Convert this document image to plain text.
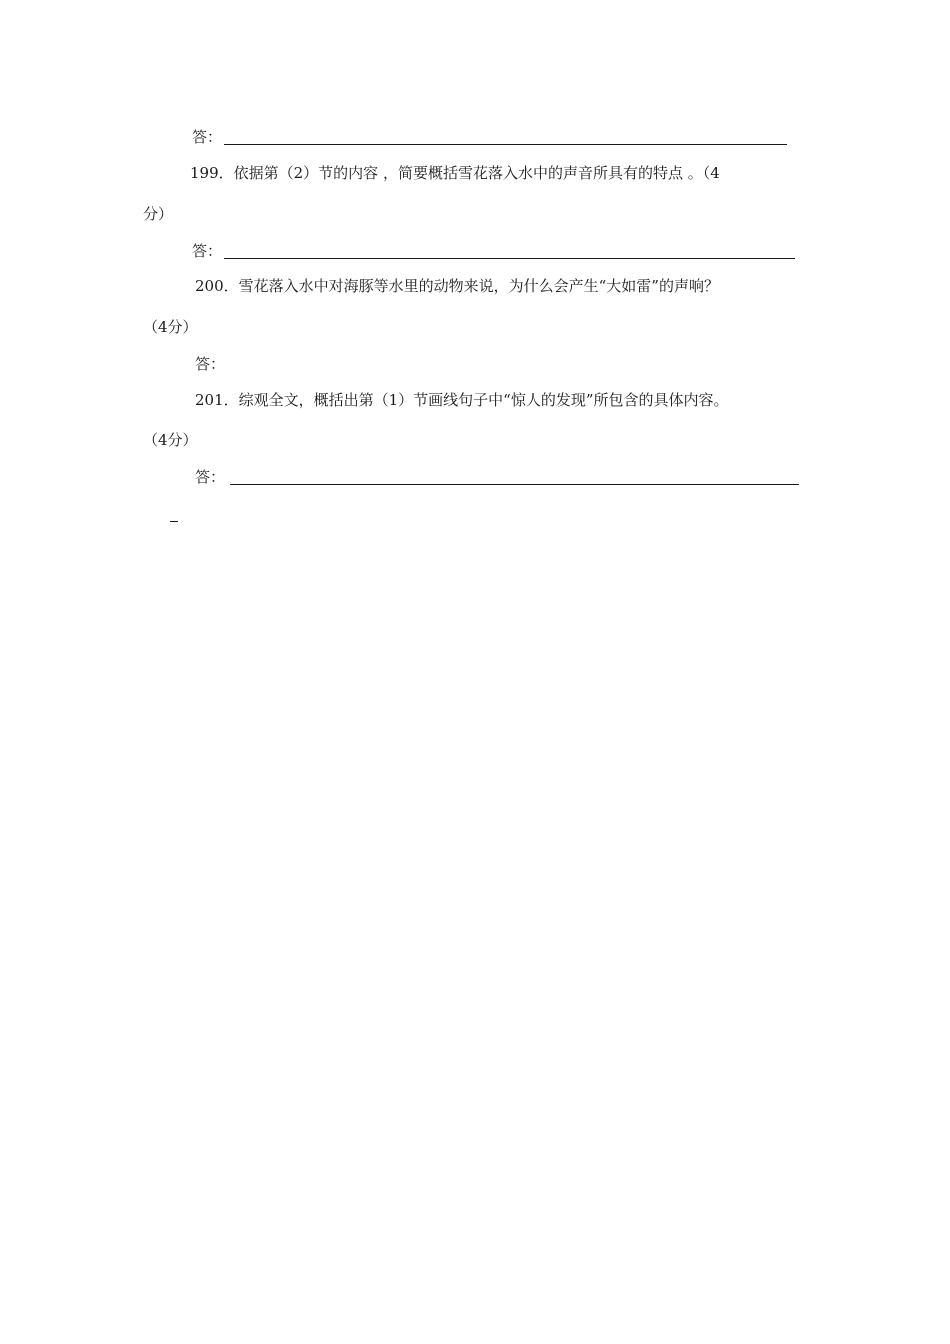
答：
199．依据第（2）节的内容 ，简要概括雪花落入水中的声音所具有的特点 。（4
分）
答：
200．雪花落入水中对海豚等水里的动物来说，为什么会产生“大如雷”的声响？
（4分）
答：
201．综观全文，概括出第（1）节画线句子中“惊人的发现”所包含的具体内容。
（4分）
答：
